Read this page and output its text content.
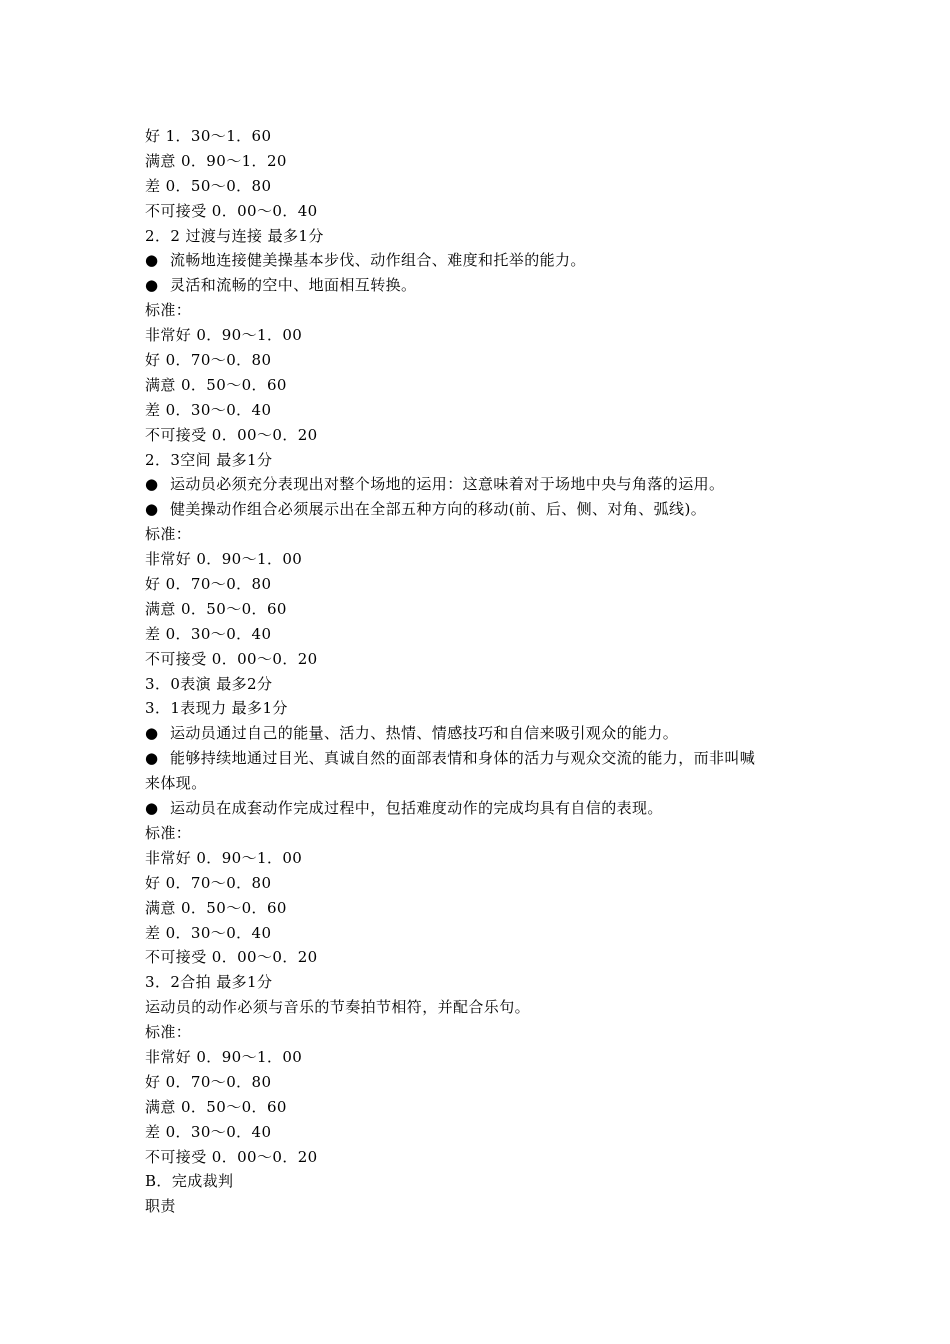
好 1．30～1．60
满意 0．90～1．20
差 0．50～0．80
不可接受 0．00～0．40
2．2 过渡与连接 最多1分
● 流畅地连接健美操基本步伐、动作组合、难度和托举的能力。
● 灵活和流畅的空中、地面相互转换。
标准：
非常好 0．90～1．00
好 0．70～0．80
满意 0．50～0．60
差 0．30～0．40
不可接受 0．00～0．20
2．3空间 最多1分
● 运动员必须充分表现出对整个场地的运用：这意味着对于场地中央与角落的运用。
● 健美操动作组合必须展示出在全部五种方向的移动(前、后、侧、对角、弧线)。
标准：
非常好 0．90～1．00
好 0．70～0．80
满意 0．50～0．60
差 0．30～0．40
不可接受 0．00～0．20
3．0表演 最多2分
3．1表现力 最多1分
● 运动员通过自己的能量、活力、热情、情感技巧和自信来吸引观众的能力。
● 能够持续地通过目光、真诚自然的面部表情和身体的活力与观众交流的能力，而非叫喊
来体现。
● 运动员在成套动作完成过程中，包括难度动作的完成均具有自信的表现。
标准：
非常好 0．90～1．00
好 0．70～0．80
满意 0．50～0．60
差 0．30～0．40
不可接受 0．00～0．20
3．2合拍 最多1分
运动员的动作必须与音乐的节奏拍节相符，并配合乐句。
标准：
非常好 0．90～1．00
好 0．70～0．80
满意 0．50～0．60
差 0．30～0．40
不可接受 0．00～0．20
B．完成裁判
职责
